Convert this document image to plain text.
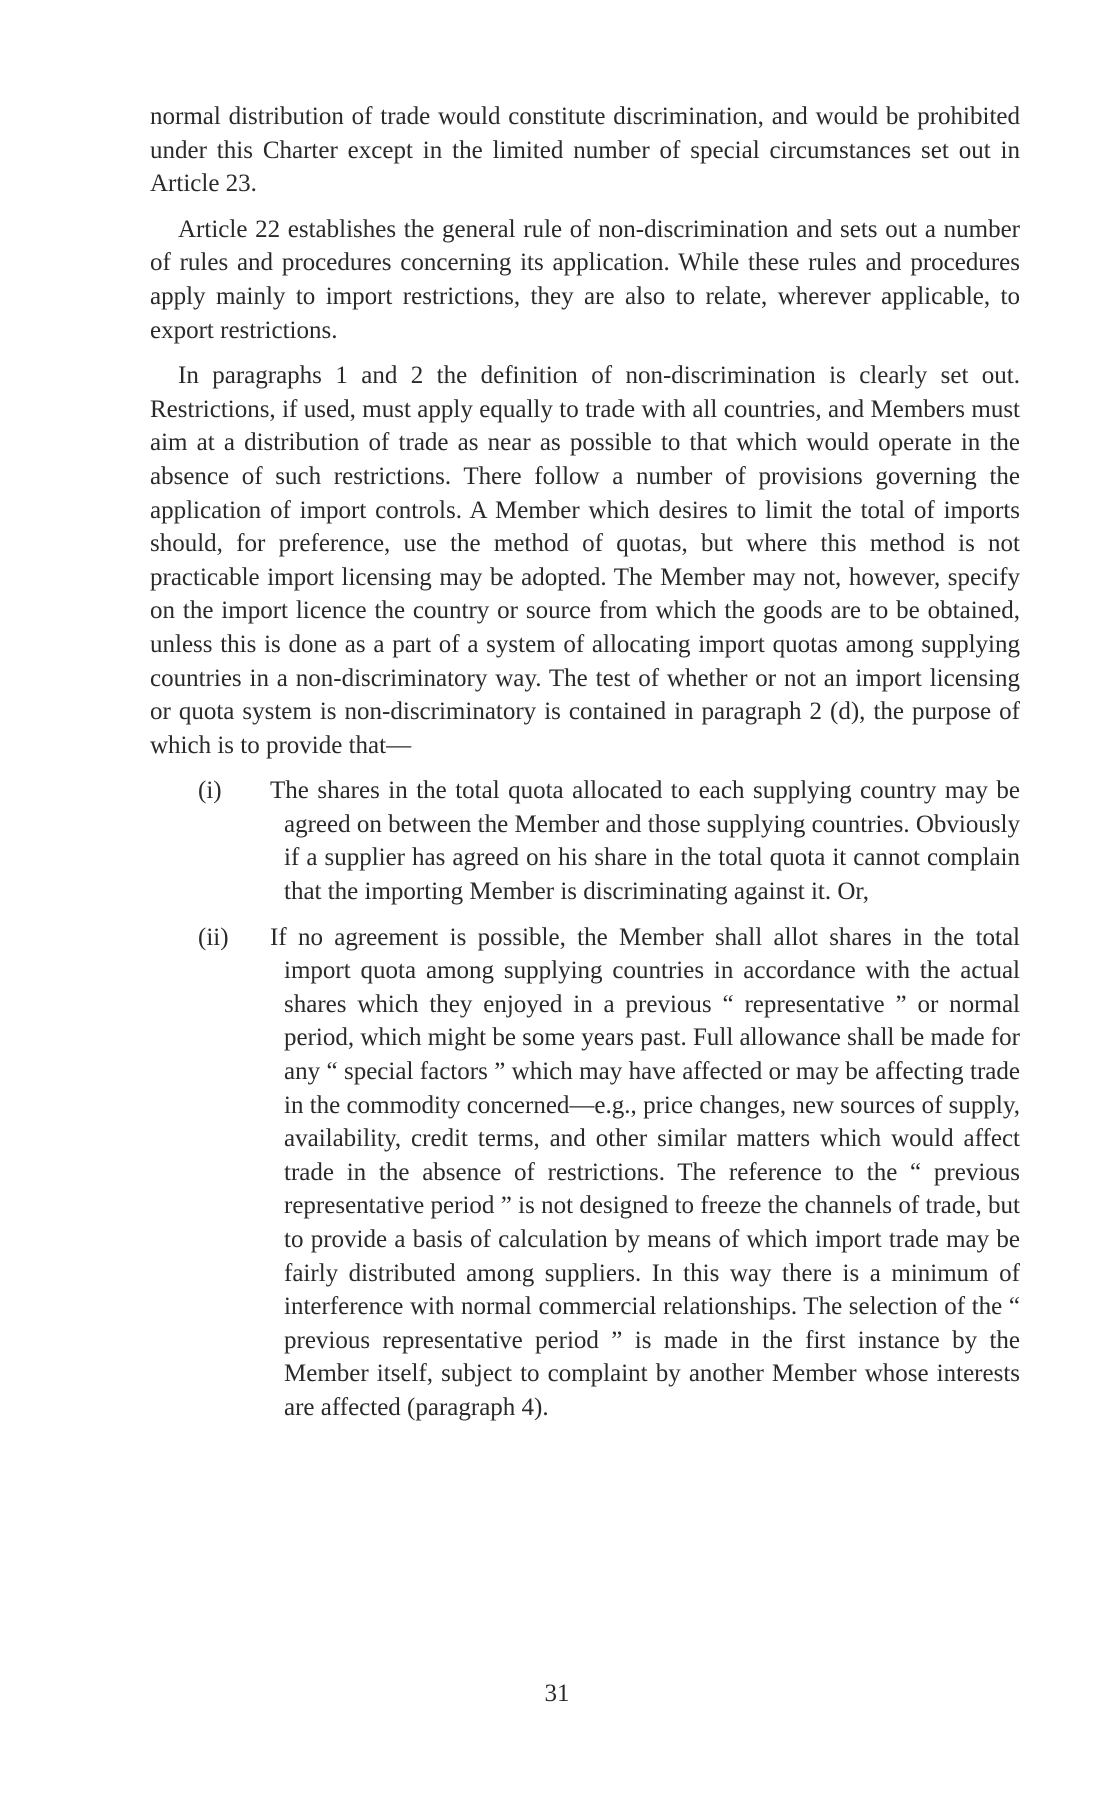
normal distribution of trade would constitute discrimination, and would be prohibited under this Charter except in the limited number of special circumstances set out in Article 23.

Article 22 establishes the general rule of non-discrimination and sets out a number of rules and procedures concerning its application. While these rules and procedures apply mainly to import restrictions, they are also to relate, wherever applicable, to export restrictions.

In paragraphs 1 and 2 the definition of non-discrimination is clearly set out. Restrictions, if used, must apply equally to trade with all countries, and Members must aim at a distribution of trade as near as possible to that which would operate in the absence of such restrictions. There follow a number of provisions governing the application of import controls. A Member which desires to limit the total of imports should, for preference, use the method of quotas, but where this method is not practicable import licensing may be adopted. The Member may not, however, specify on the import licence the country or source from which the goods are to be obtained, unless this is done as a part of a system of allocating import quotas among supplying countries in a non-discriminatory way. The test of whether or not an import licensing or quota system is non-discriminatory is contained in paragraph 2 (d), the purpose of which is to provide that—

(i) The shares in the total quota allocated to each supplying country may be agreed on between the Member and those supplying countries. Obviously if a supplier has agreed on his share in the total quota it cannot complain that the importing Member is discriminating against it. Or,
(ii) If no agreement is possible, the Member shall allot shares in the total import quota among supplying countries in accordance with the actual shares which they enjoyed in a previous “ representative ” or normal period, which might be some years past. Full allowance shall be made for any “ special factors ” which may have affected or may be affecting trade in the commodity concerned—e.g., price changes, new sources of supply, availability, credit terms, and other similar matters which would affect trade in the absence of restrictions. The reference to the “ previous representative period ” is not designed to freeze the channels of trade, but to provide a basis of calculation by means of which import trade may be fairly distributed among suppliers. In this way there is a minimum of interference with normal commercial relationships. The selection of the “ previous representative period ” is made in the first instance by the Member itself, subject to complaint by another Member whose interests are affected (paragraph 4).
31
